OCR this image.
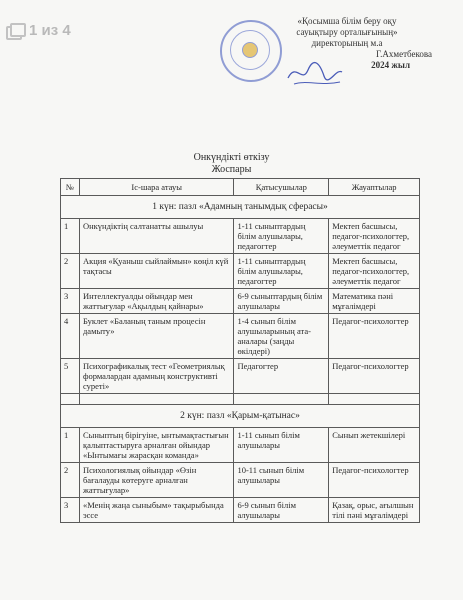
1 из 4
«Қосымша білім беру оқу
сауықтыру орталығының»
директорының м.а
Г.Ахметбекова
2024 жыл
Онкүндікті өткізу
Жоспары
№	Іс-шара атауы	Қатысушылар	Жауаптылар
1 күн: пазл «Адамның танымдық сферасы»			
1	Онкүндіктің салтанатты ашылуы	1-11 сыныптардың білім алушылары, педагогтер	Мектеп басшысы, педагог-психологтер, әлеуметтік педагог
2	Акция «Қуаныш сыйлаймын» көңіл күй тақтасы	1-11 сыныптардың білім алушылары, педагогтер	Мектеп басшысы, педагог-психологтер, әлеуметтік педагог
3	Интеллектуалды ойындар мен жаттығулар «Ақылдың қайнары»	6-9 сыныптардың білім алушылары	Математика пәні мұғалімдері
4	Буклет «Баланың таным процесін дамыту»	1-4 сынып білім алушыларының ата-аналары (заңды өкілдері)	Педагог-психологтер
5	Психографикалық тест «Геометриялық формалардан адамның конструктивті суреті»	Педагогтер	Педагог-психологтер

2 күн: пазл «Қарым-қатынас»			
1	Сыныптың бірігуіне, ынтымақтастығын қалыптастыруға арналған ойындар «Ынтымағы жарасқан команда»	1-11 сынып білім алушылары	Сынып жетекшілері
2	Психологиялық ойындар «Өзін бағалауды көтеруге арналған жаттығулар»	10-11 сынып білім алушылары	Педагог-психологтер
3	«Менің жаңа сыныбым» тақырыбында эссе	6-9 сынып білім алушылары	Қазақ, орыс, ағылшын тілі пәні мұғалімдері
